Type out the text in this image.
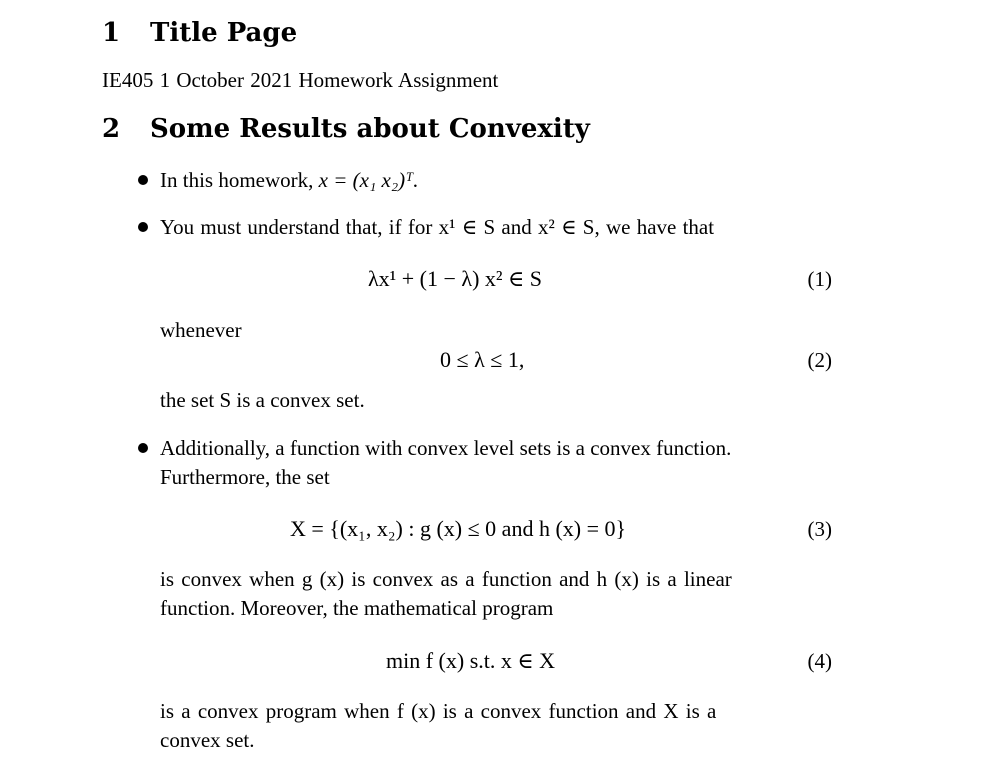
1 Title Page
IE405 1 October 2021 Homework Assignment
2 Some Results about Convexity
In this homework, x = (x₁ x₂)ᵀ.
You must understand that, if for x¹ ∈ S and x² ∈ S, we have that
λx¹ + (1 − λ) x² ∈ S	(1)
whenever
0 ≤ λ ≤ 1,	(2)
the set S is a convex set.
Additionally, a function with convex level sets is a convex function.
Furthermore, the set
X = {(x₁, x₂) : g (x) ≤ 0 and h (x) = 0}	(3)
is convex when g (x) is convex as a function and h (x) is a linear
function. Moreover, the mathematical program
min f (x) s.t. x ∈ X	(4)
is a convex program when f (x) is a convex function and X is a
convex set.
